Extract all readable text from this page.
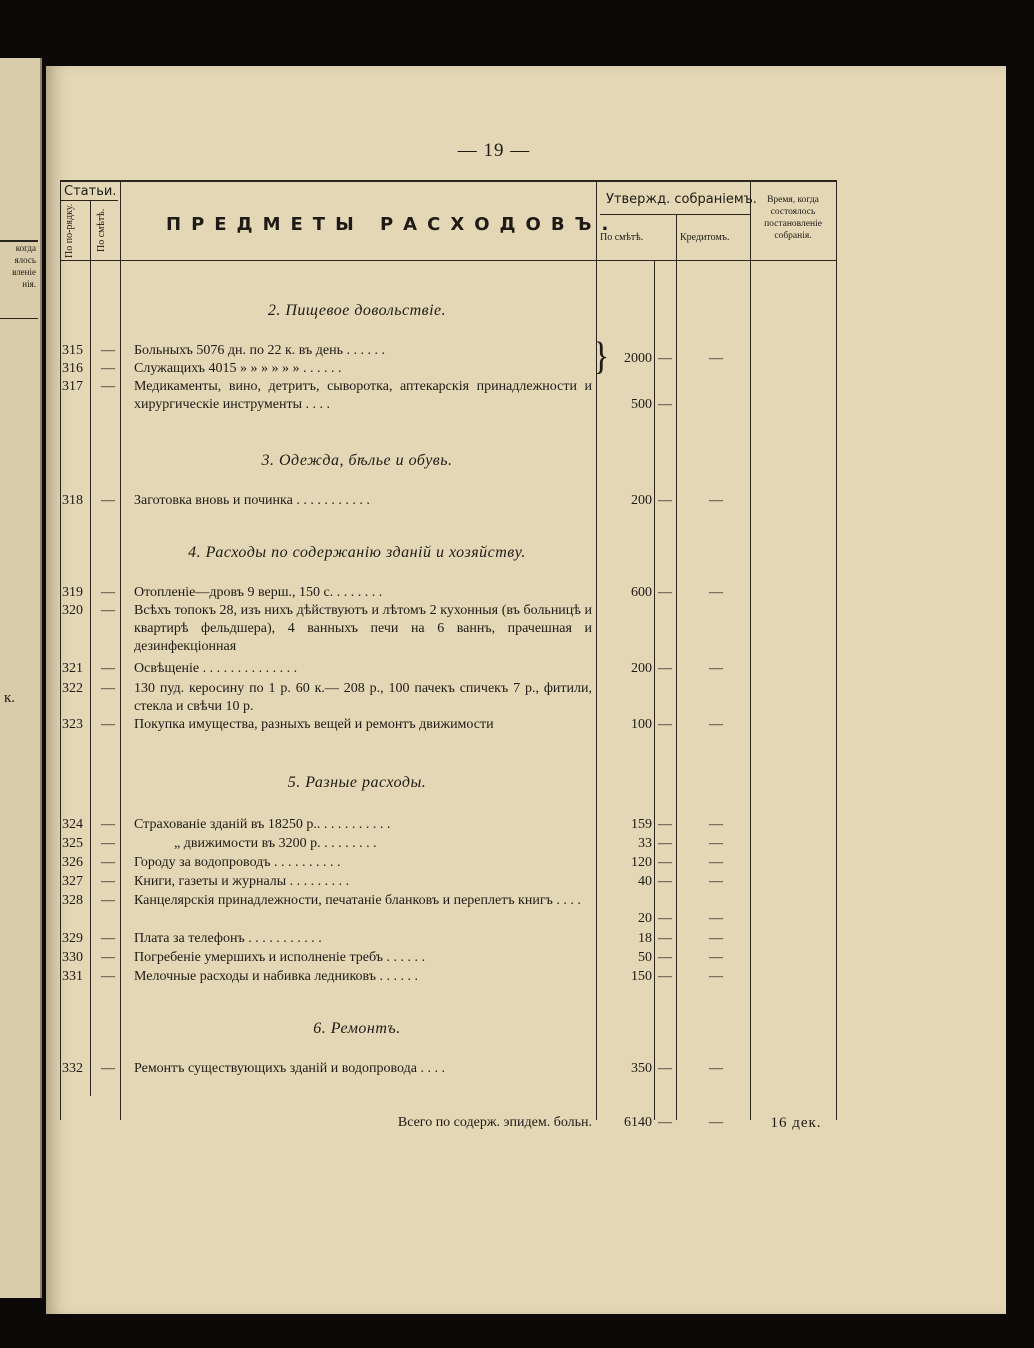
когда
ялось
вленіе
нія.
к.
— 19 —
Статьи.
По по-рядку. По смѣтѣ.	ПРЕДМЕТЫ РАСХОДОВЪ.
Утвержд. собраніемъ.
По смѣтѣ.	Кредитомъ.
Время, когда состоялось постановленіе собранія.
2. Пищевое довольствіе.
3. Одежда, бѣлье и обувь.
4. Расходы по содержанію зданій и хозяйству.
5. Разные расходы.
6. Ремонтъ.
}
315	— Больныхъ 5076 дн. по 22 к. въ день . . . . . .
316	— Служащихъ 4015 » » » » » » . . . . . .
2000 —	—
317	— Медикаменты, вино, детритъ, сыворотка, аптекарскія принадлежности и хирургическіе инструменты . . . .	500 —
318	— Заготовка вновь и починка . . . . . . . . . . .	200 —	—
319	— Отопленіе—дровъ 9 верш., 150 с. . . . . . . .	600 —	—
320	— Всѣхъ топокъ 28, изъ нихъ дѣйствуютъ и лѣтомъ 2 кухонныя (въ больницѣ и квартирѣ фельдшера), 4 ванныхъ печи на 6 ваннъ, прачешная и дезинфекціонная
321	— Освѣщеніе . . . . . . . . . . . . . .	200 —	—
322	— 130 пуд. керосину по 1 р. 60 к.— 208 р., 100 пачекъ спичекъ 7 р., фитили, стекла и свѣчи 10 р.
323	— Покупка имущества, разныхъ вещей и ремонтъ движимости	100 —	—
324	— Страхованіе зданій въ 18250 р.. . . . . . . . . . .	159 —	—
325	—	„ движимости въ 3200 р. . . . . . . . .	33 —	—
326	— Городу за водопроводъ . . . . . . . . . .	120 —	—
327	— Книги, газеты и журналы . . . . . . . . .	40 —	—
328	— Канцелярскія принадлежности, печатаніе бланковъ и переплетъ книгъ . . . .
20 —	—
329	— Плата за телефонъ . . . . . . . . . . .	18 —	—
330	— Погребеніе умершихъ и исполненіе требъ . . . . . .	50 —	—
331	— Мелочные расходы и набивка ледниковъ . . . . . .	150 —	—
332	— Ремонтъ существующихъ зданій и водопровода . . . .	350 —	—
Всего по содерж. эпидем. больн.	6140 —	—	16 дек.
